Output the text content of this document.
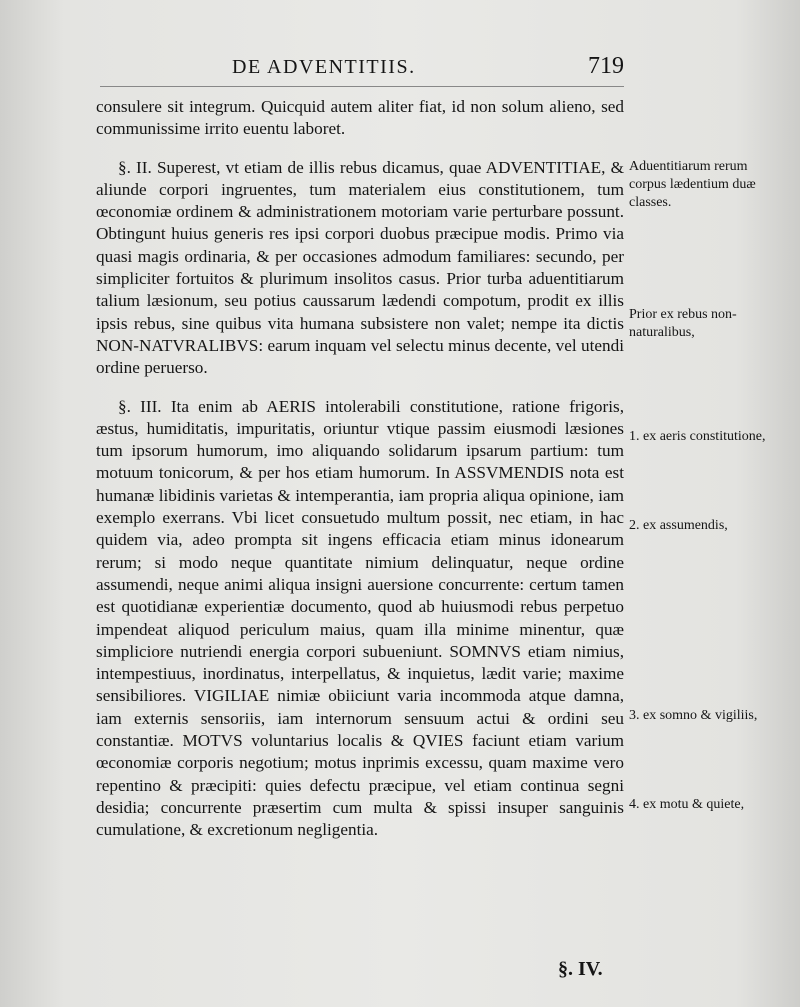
DE ADVENTITIIS.	719

consulere sit integrum. Quicquid autem aliter fiat, id non solum alieno, sed communissime irrito euentu laboret.

§. II. Superest, vt etiam de illis rebus dicamus, quae ADVENTITIAE, & aliunde corpori ingruentes, tum materialem eius constitutionem, tum œconomiæ ordinem & administrationem motoriam varie perturbare possunt. Obtingunt huius generis res ipsi corpori duobus præcipue modis. Primo via quasi magis ordinaria, & per occasiones admodum familiares: secundo, per simpliciter fortuitos & plurimum insolitos casus. Prior turba aduentitiarum talium læsionum, seu potius caussarum lædendi compotum, prodit ex illis ipsis rebus, sine quibus vita humana subsistere non valet; nempe ita dictis NON-NATVRALIBVS: earum inquam vel selectu minus decente, vel utendi ordine peruerso.

§. III. Ita enim ab AERIS intolerabili constitutione, ratione frigoris, æstus, humiditatis, impuritatis, oriuntur vtique passim eiusmodi læsiones tum ipsorum humorum, imo aliquando solidarum ipsarum partium: tum motuum tonicorum, & per hos etiam humorum. In ASSVMENDIS nota est humanæ libidinis varietas & intemperantia, iam propria aliqua opinione, iam exemplo exerrans. Vbi licet consuetudo multum possit, nec etiam, in hac quidem via, adeo prompta sit ingens efficacia etiam minus idonearum rerum; si modo neque quantitate nimium delinquatur, neque ordine assumendi, neque animi aliqua insigni auersione concurrente: certum tamen est quotidianæ experientiæ documento, quod ab huiusmodi rebus perpetuo impendeat aliquod periculum maius, quam illa minime minentur, quæ simpliciore nutriendi energia corpori subueniunt. SOMNVS etiam nimius, intempestiuus, inordinatus, interpellatus, & inquietus, lædit varie; maxime sensibiliores. VIGILIAE nimiæ obiiciunt varia incommoda atque damna, iam externis sensoriis, iam internorum sensuum actui & ordini seu constantiæ. MOTVS voluntarius localis & QVIES faciunt etiam varium œconomiæ corporis negotium; motus inprimis excessu, quam maxime vero repentino & præcipiti: quies defectu præcipue, vel etiam continua segni desidia; concurrente præsertim cum multa & spissi insuper sanguinis cumulatione, & excretionum negligentia.

Aduentitiarum rerum corpus lædentium duæ classes.
Prior ex rebus non-naturalibus,
1. ex aeris constitutione,
2. ex assumendis,
3. ex somno & vigiliis,
4. ex motu & quiete,
§. IV.
